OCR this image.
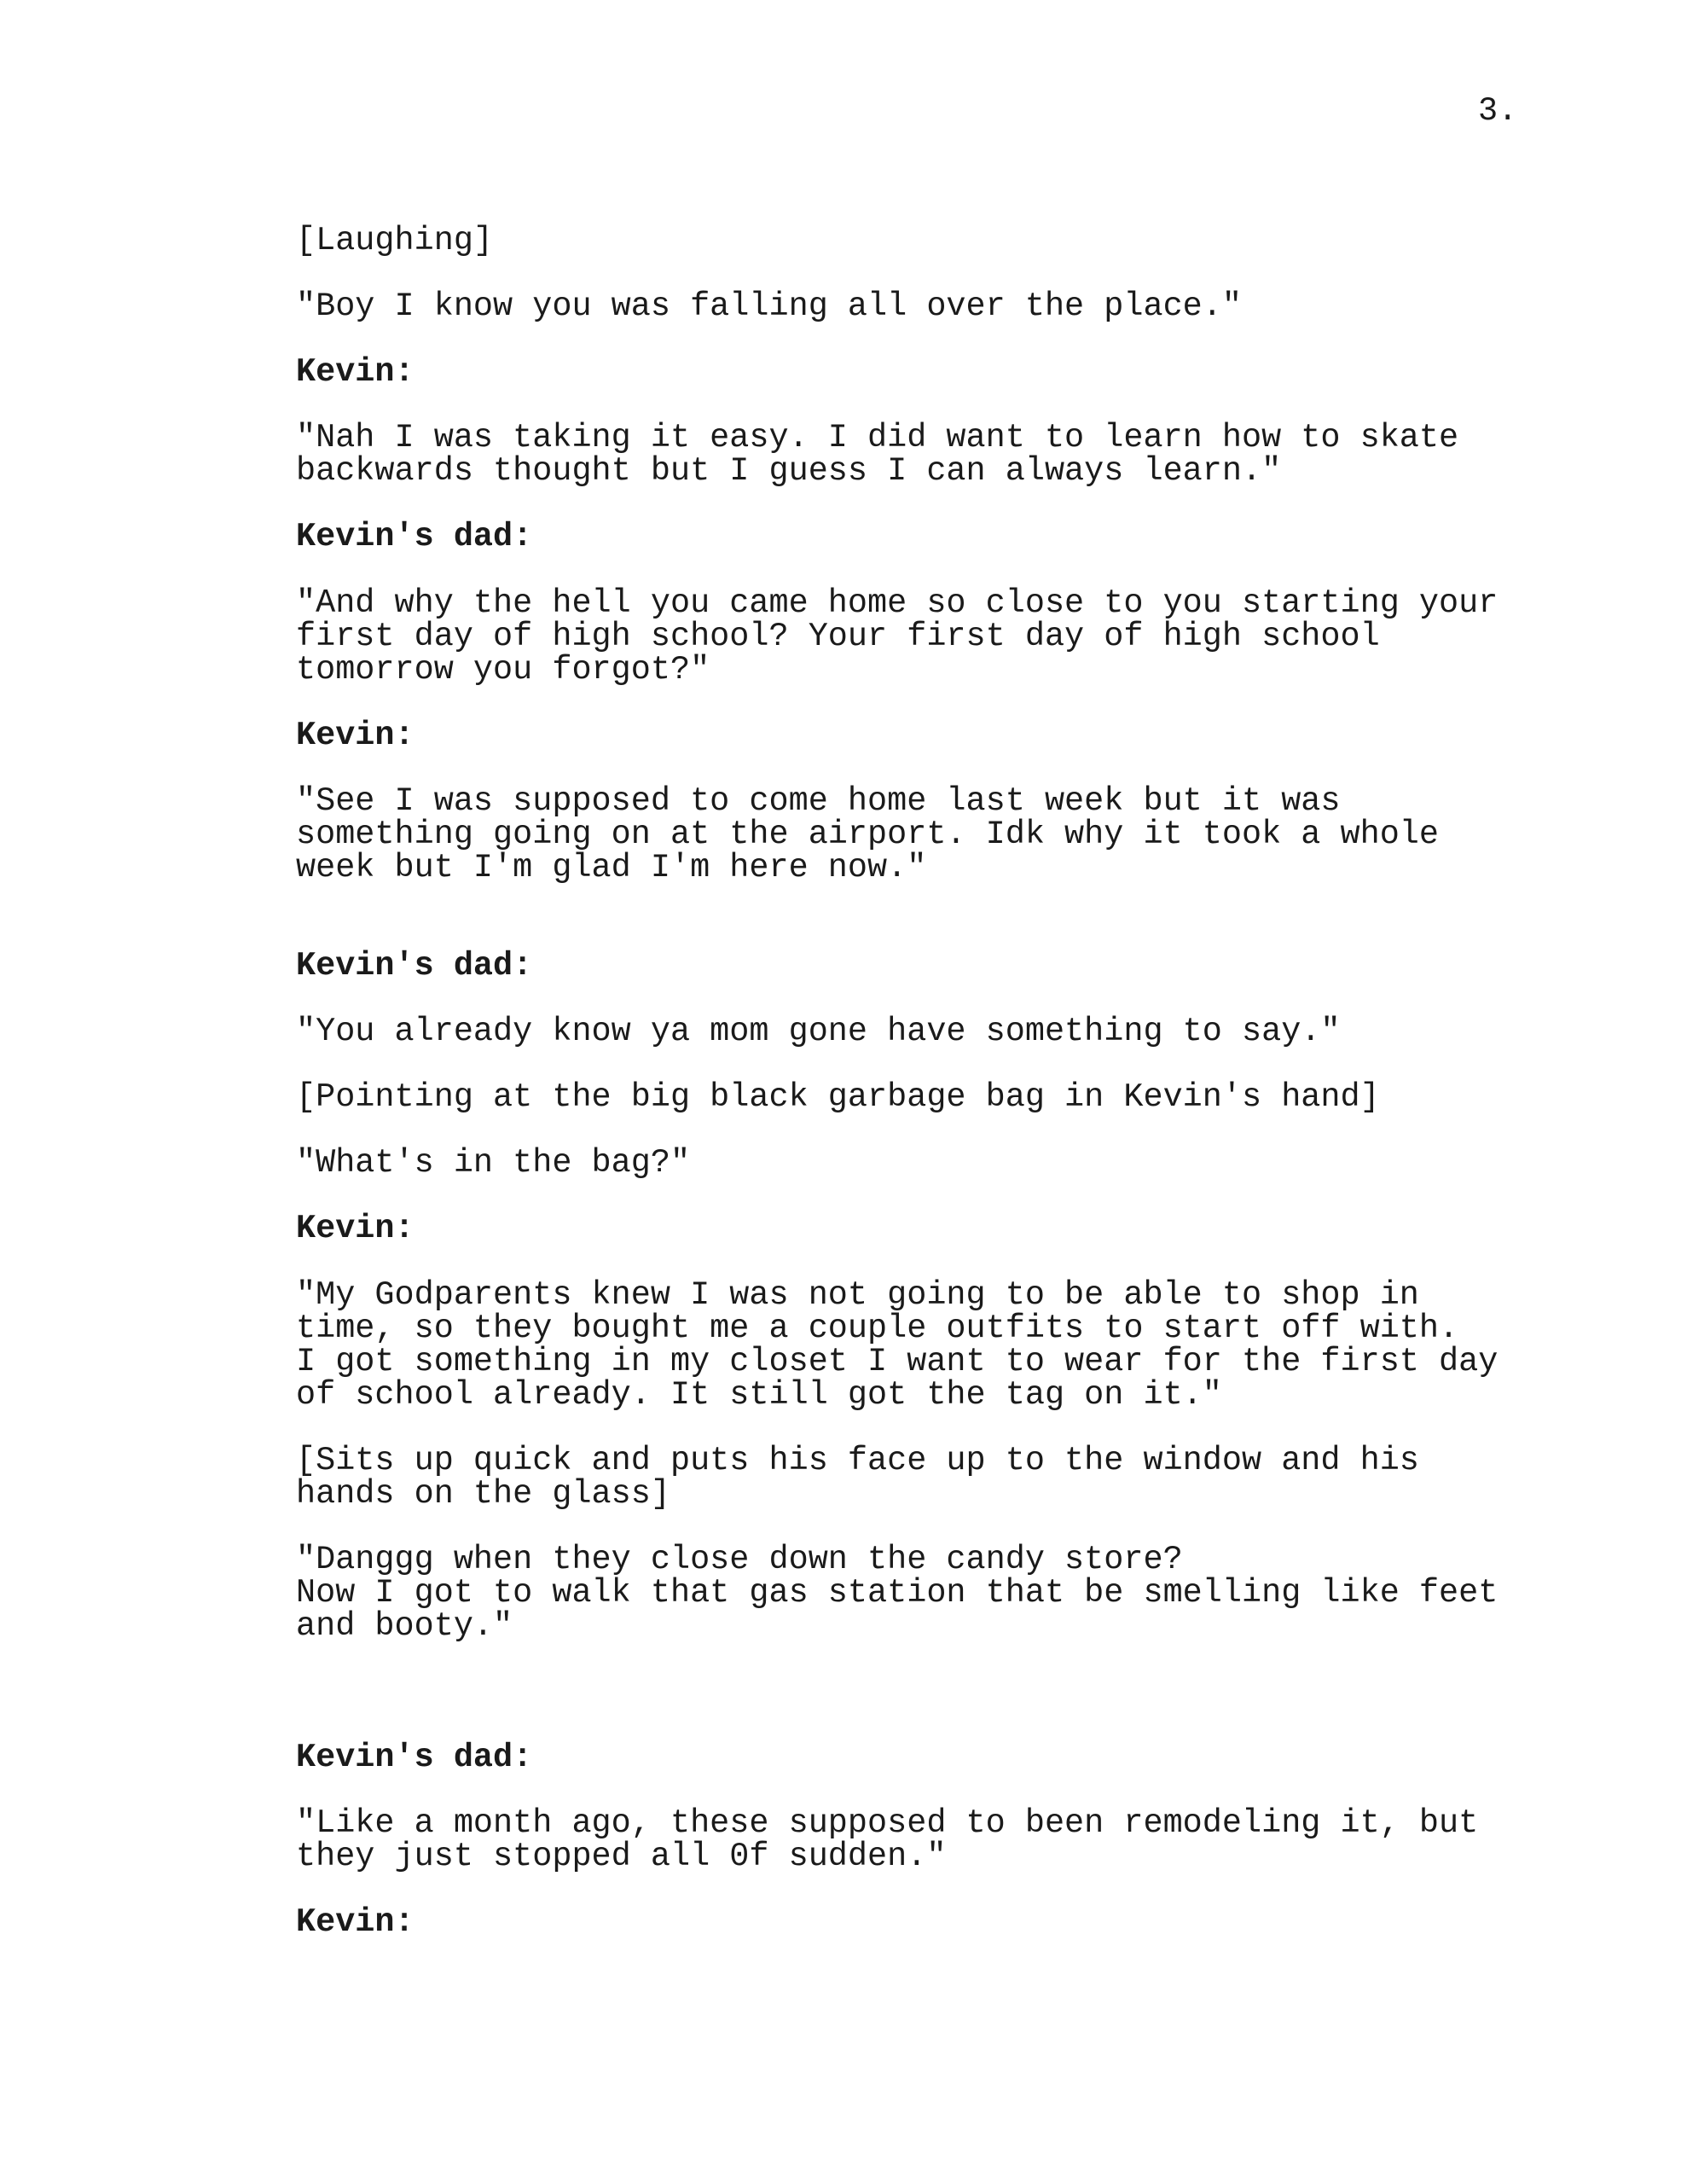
3.
[Laughing]
"Boy I know you was falling all over the place."
Kevin:
"Nah I was taking it easy. I did want to learn how to skate
backwards thought but I guess I can always learn."
Kevin's dad:
"And why the hell you came home so close to you starting your
first day of high school? Your first day of high school
tomorrow you forgot?"
Kevin:
"See I was supposed to come home last week but it was
something going on at the airport. Idk why it took a whole
week but I'm glad I'm here now."
Kevin's dad:
"You already know ya mom gone have something to say."
[Pointing at the big black garbage bag in Kevin's hand]
"What's in the bag?"
Kevin:
"My Godparents knew I was not going to be able to shop in
time, so they bought me a couple outfits to start off with.
I got something in my closet I want to wear for the first day
of school already. It still got the tag on it."
[Sits up quick and puts his face up to the window and his
hands on the glass]
"Danggg when they close down the candy store?
Now I got to walk that gas station that be smelling like feet
and booty."
Kevin's dad:
"Like a month ago, these supposed to been remodeling it, but
they just stopped all 0f sudden."
Kevin:
